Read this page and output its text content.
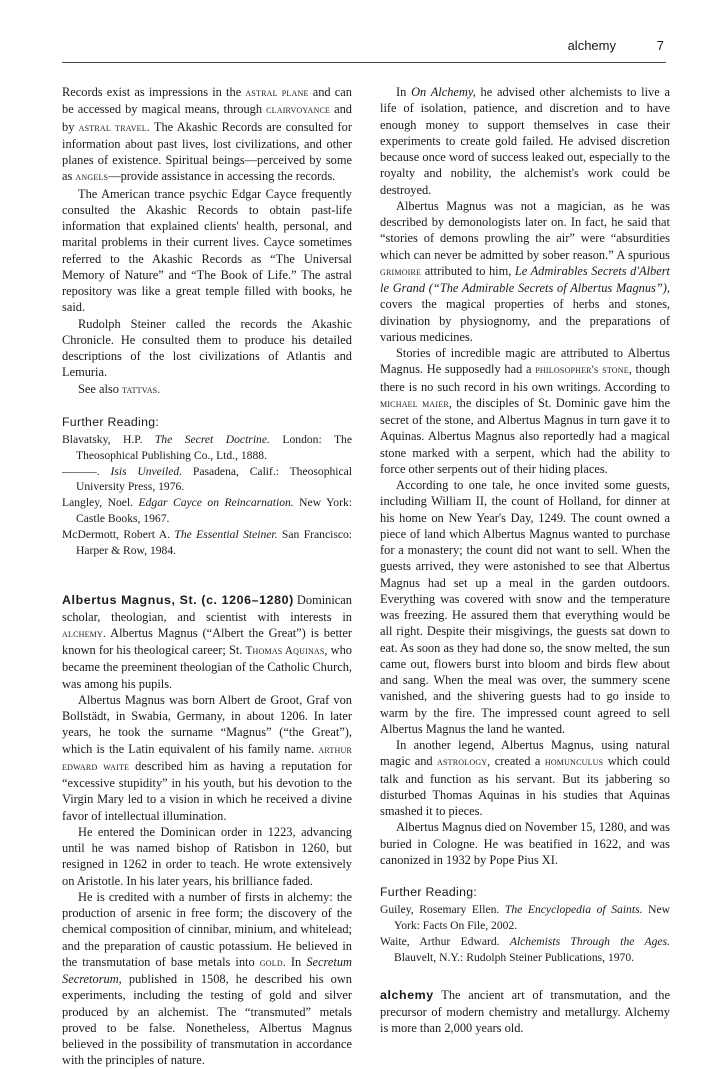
alchemy	7

Records exist as impressions in the astral plane and can be accessed by magical means, through clairvoyance and by astral travel. The Akashic Records are consulted for information about past lives, lost civilizations, and other planes of existence. Spiritual beings—perceived by some as angels—provide assistance in accessing the records.

The American trance psychic Edgar Cayce frequently consulted the Akashic Records to obtain past-life information that explained clients' health, personal, and marital problems in their current lives. Cayce sometimes referred to the Akashic Records as “The Universal Memory of Nature” and “The Book of Life.” The astral repository was like a great temple filled with books, he said.

Rudolph Steiner called the records the Akashic Chronicle. He consulted them to produce his detailed descriptions of the lost civilizations of Atlantis and Lemuria.

See also tattvas.

Further Reading:

Blavatsky, H.P. The Secret Doctrine. London: The Theosophical Publishing Co., Ltd., 1888.

———. Isis Unveiled. Pasadena, Calif.: Theosophical University Press, 1976.

Langley, Noel. Edgar Cayce on Reincarnation. New York: Castle Books, 1967.

McDermott, Robert A. The Essential Steiner. San Francisco: Harper & Row, 1984.

Albertus Magnus, St. (c. 1206–1280) Dominican scholar, theologian, and scientist with interests in alchemy. Albertus Magnus (“Albert the Great”) is better known for his theological career; St. Thomas Aquinas, who became the preeminent theologian of the Catholic Church, was among his pupils.

Albertus Magnus was born Albert de Groot, Graf von Bollstädt, in Swabia, Germany, in about 1206. In later years, he took the surname “Magnus” (“the Great”), which is the Latin equivalent of his family name. arthur edward waite described him as having a reputation for “excessive stupidity” in his youth, but his devotion to the Virgin Mary led to a vision in which he received a divine favor of intellectual illumination.

He entered the Dominican order in 1223, advancing until he was named bishop of Ratisbon in 1260, but resigned in 1262 in order to teach. He wrote extensively on Aristotle. In his later years, his brilliance faded.

He is credited with a number of firsts in alchemy: the production of arsenic in free form; the discovery of the chemical composition of cinnibar, minium, and whitelead; and the preparation of caustic potassium. He believed in the transmutation of base metals into gold. In Secretum Secretorum, published in 1508, he described his own experiments, including the testing of gold and silver produced by an alchemist. The “transmuted” metals proved to be false. Nonetheless, Albertus Magnus believed in the possibility of transmutation in accordance with the principles of nature.

In On Alchemy, he advised other alchemists to live a life of isolation, patience, and discretion and to have enough money to support themselves in case their experiments to create gold failed. He advised discretion because once word of success leaked out, especially to the royalty and nobility, the alchemist's work could be destroyed.

Albertus Magnus was not a magician, as he was described by demonologists later on. In fact, he said that “stories of demons prowling the air” were “absurdities which can never be admitted by sober reason.” A spurious grimoire attributed to him, Le Admirables Secrets d'Albert le Grand (“The Admirable Secrets of Albertus Magnus”), covers the magical properties of herbs and stones, divination by physiognomy, and the preparations of various medicines.

Stories of incredible magic are attributed to Albertus Magnus. He supposedly had a philosopher's stone, though there is no such record in his own writings. According to michael maier, the disciples of St. Dominic gave him the secret of the stone, and Albertus Magnus in turn gave it to Aquinas. Albertus Magnus also reportedly had a magical stone marked with a serpent, which had the ability to force other serpents out of their hiding places.

According to one tale, he once invited some guests, including William II, the count of Holland, for dinner at his home on New Year's Day, 1249. The count owned a piece of land which Albertus Magnus wanted to purchase for a monastery; the count did not want to sell. When the guests arrived, they were astonished to see that Albertus Magnus had set up a meal in the garden outdoors. Everything was covered with snow and the temperature was freezing. He assured them that everything would be all right. Despite their misgivings, the guests sat down to eat. As soon as they had done so, the snow melted, the sun came out, flowers burst into bloom and birds flew about and sang. When the meal was over, the summery scene vanished, and the shivering guests had to go inside to warm by the fire. The impressed count agreed to sell Albertus Magnus the land he wanted.

In another legend, Albertus Magnus, using natural magic and astrology, created a homunculus which could talk and function as his servant. But its jabbering so disturbed Thomas Aquinas in his studies that Aquinas smashed it to pieces.

Albertus Magnus died on November 15, 1280, and was buried in Cologne. He was beatified in 1622, and was canonized in 1932 by Pope Pius XI.

Further Reading:

Guiley, Rosemary Ellen. The Encyclopedia of Saints. New York: Facts On File, 2002.

Waite, Arthur Edward. Alchemists Through the Ages. Blauvelt, N.Y.: Rudolph Steiner Publications, 1970.

alchemy The ancient art of transmutation, and the precursor of modern chemistry and metallurgy. Alchemy is more than 2,000 years old.
